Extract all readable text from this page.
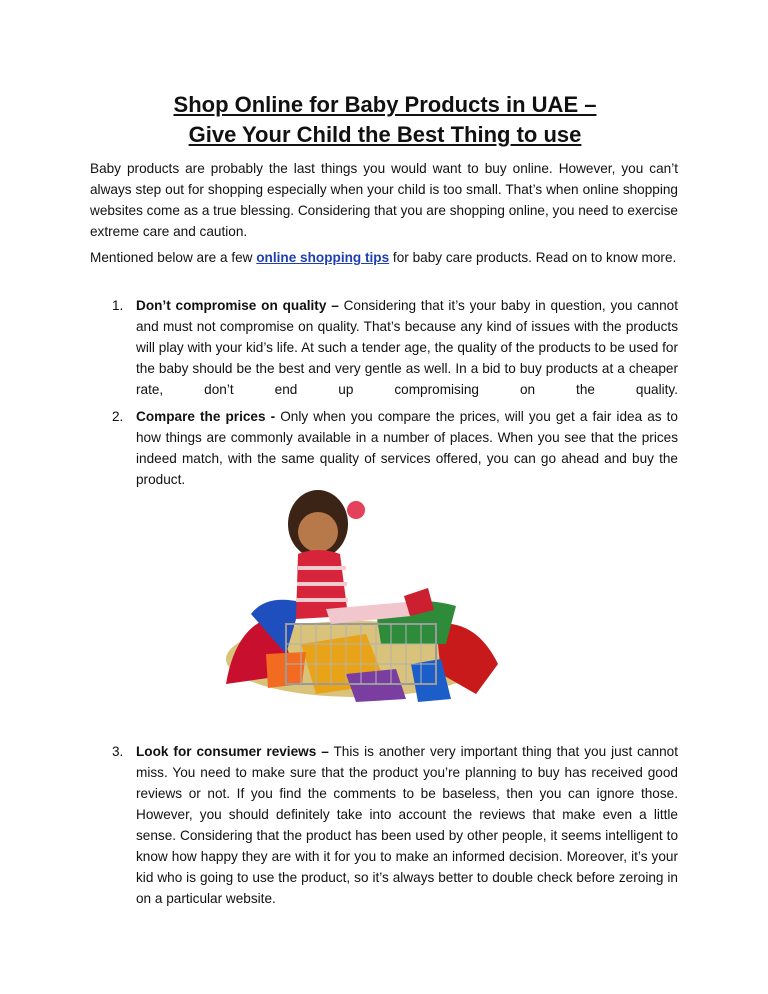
Shop Online for Baby Products in UAE –
Give Your Child the Best Thing to use

Baby products are probably the last things you would want to buy online. However, you can’t always step out for shopping especially when your child is too small. That’s when online shopping websites come as a true blessing. Considering that you are shopping online, you need to exercise extreme care and caution.

Mentioned below are a few online shopping tips for baby care products. Read on to know more.

1. Don’t compromise on quality – Considering that it’s your baby in question, you cannot and must not compromise on quality. That’s because any kind of issues with the products will play with your kid’s life. At such a tender age, the quality of the products to be used for the baby should be the best and very gentle as well. In a bid to buy products at a cheaper rate, don’t end up compromising on the quality.
2. Compare the prices - Only when you compare the prices, will you get a fair idea as to how things are commonly available in a number of places. When you see that the prices indeed match, with the same quality of services offered, you can go ahead and buy the product.
3. Look for consumer reviews – This is another very important thing that you just cannot miss. You need to make sure that the product you’re planning to buy has received good reviews or not. If you find the comments to be baseless, then you can ignore those. However, you should definitely take into account the reviews that make even a little sense. Considering that the product has been used by other people, it seems intelligent to know how happy they are with it for you to make an informed decision. Moreover, it’s your kid who is going to use the product, so it’s always better to double check before zeroing in on a particular website.
